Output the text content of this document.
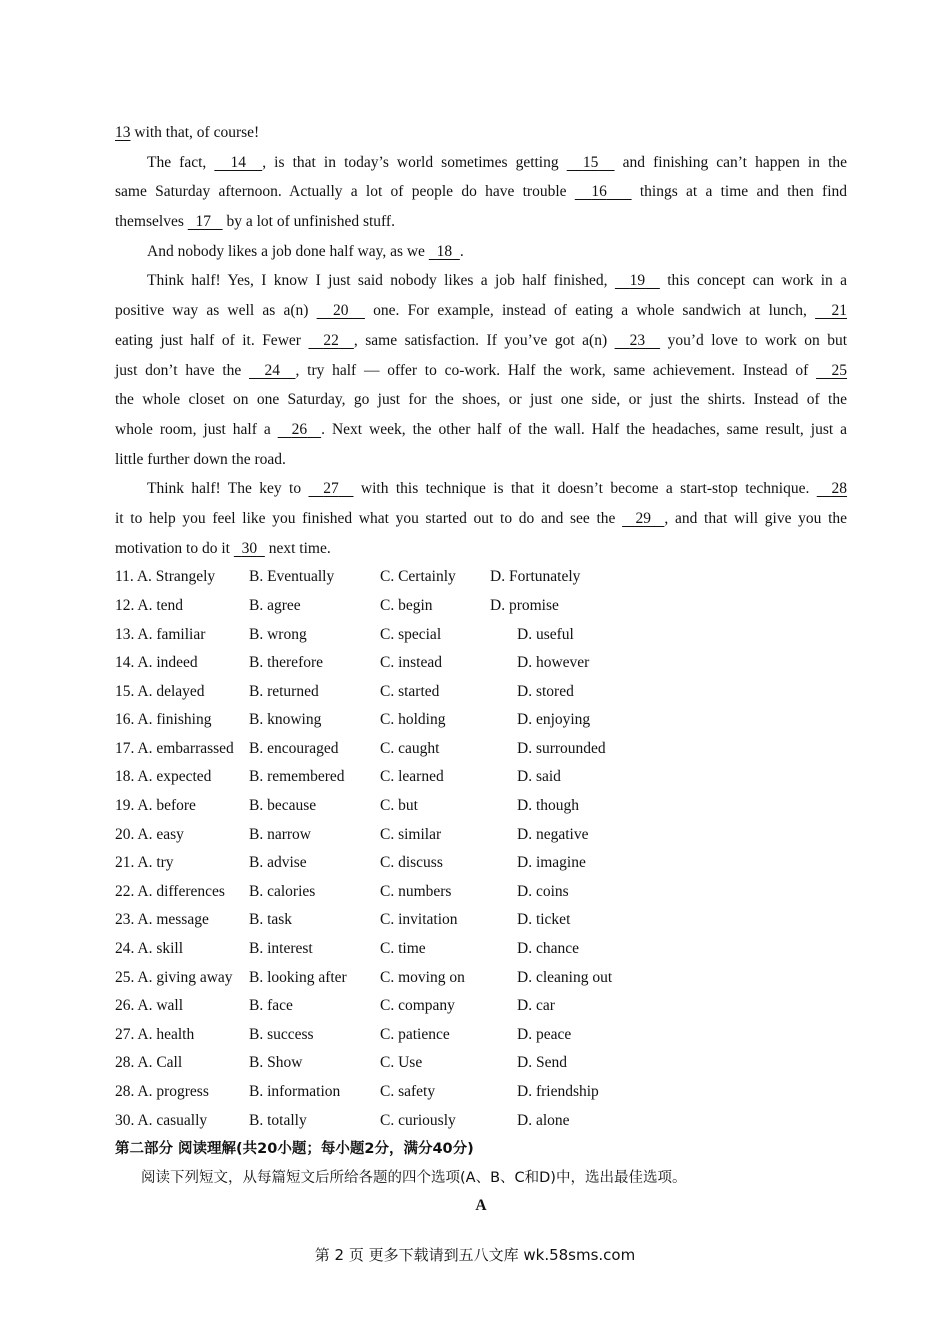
13 with that, of course!
The fact,   14 , is that in today’s world sometimes getting   15   and finishing can’t happen in the
same Saturday afternoon. Actually a lot of people do have trouble   16    things at a time and then find
themselves   17    by a lot of unfinished stuff.
And nobody likes a job done half way, as we   18 .
Think half! Yes, I know I just said nobody likes a job half finished,   19   this concept can work in a
positive way as well as a(n)   20   one. For example, instead of eating a whole sandwich at lunch,   21
eating just half of it. Fewer   22 , same satisfaction. If you’ve got a(n)   23   you’d love to work on but
just don’t have the   24 , try half — offer to co-work. Half the work, same achievement. Instead of   25
the whole closet on one Saturday, go just for the shoes, or just one side, or just the shirts. Instead of the
whole room, just half a   26 . Next week, the other half of the wall. Half the headaches, same result, just a
little further down the road.
Think half! The key to   27   with this technique is that it doesn’t become a start-stop technique.   28
it to help you feel like you finished what you started out to do and see the   29 , and that will give you the
motivation to do it   30   next time.
11. A. Strangely B. Eventually	C. Certainly D. Fortunately
12. A. tend	B. agree	C. begin	D. promise
13. A. familiar	B. wrong	C. special	D. useful
14. A. indeed	B. therefore	C. instead	D. however
15. A. delayed	B. returned	C. started	D. stored
16. A. finishing B. knowing	C. holding	D. enjoying
17. A. embarrassed B. encouraged	C. caught	D. surrounded
18. A. expected B. remembered C. learned	D. said
19. A. before	B. because	C. but	D. though
20. A. easy	B. narrow	C. similar	D. negative
21. A. try	B. advise	C. discuss	D. imagine
22. A. differences B. calories	C. numbers	D. coins
23. A. message	B. task	C. invitation	D. ticket
24. A. skill	B. interest	C. time	D. chance
25. A. giving away B. looking after C. moving on	D. cleaning out
26. A. wall	B. face	C. company	D. car
27. A. health	B. success	C. patience	D. peace
28. A. Call	B. Show	C. Use	D. Send
28. A. progress	B. information	C. safety	D. friendship
30. A. casually	B. totally	C. curiously	D. alone
第二部分 阅读理解(共20小题；每小题2分，满分40分)
阅读下列短文，从每篇短文后所给各题的四个选项(A、B、C和D)中，选出最佳选项。
A
第 2 页 更多下载请到五八文库 wk.58sms.com
